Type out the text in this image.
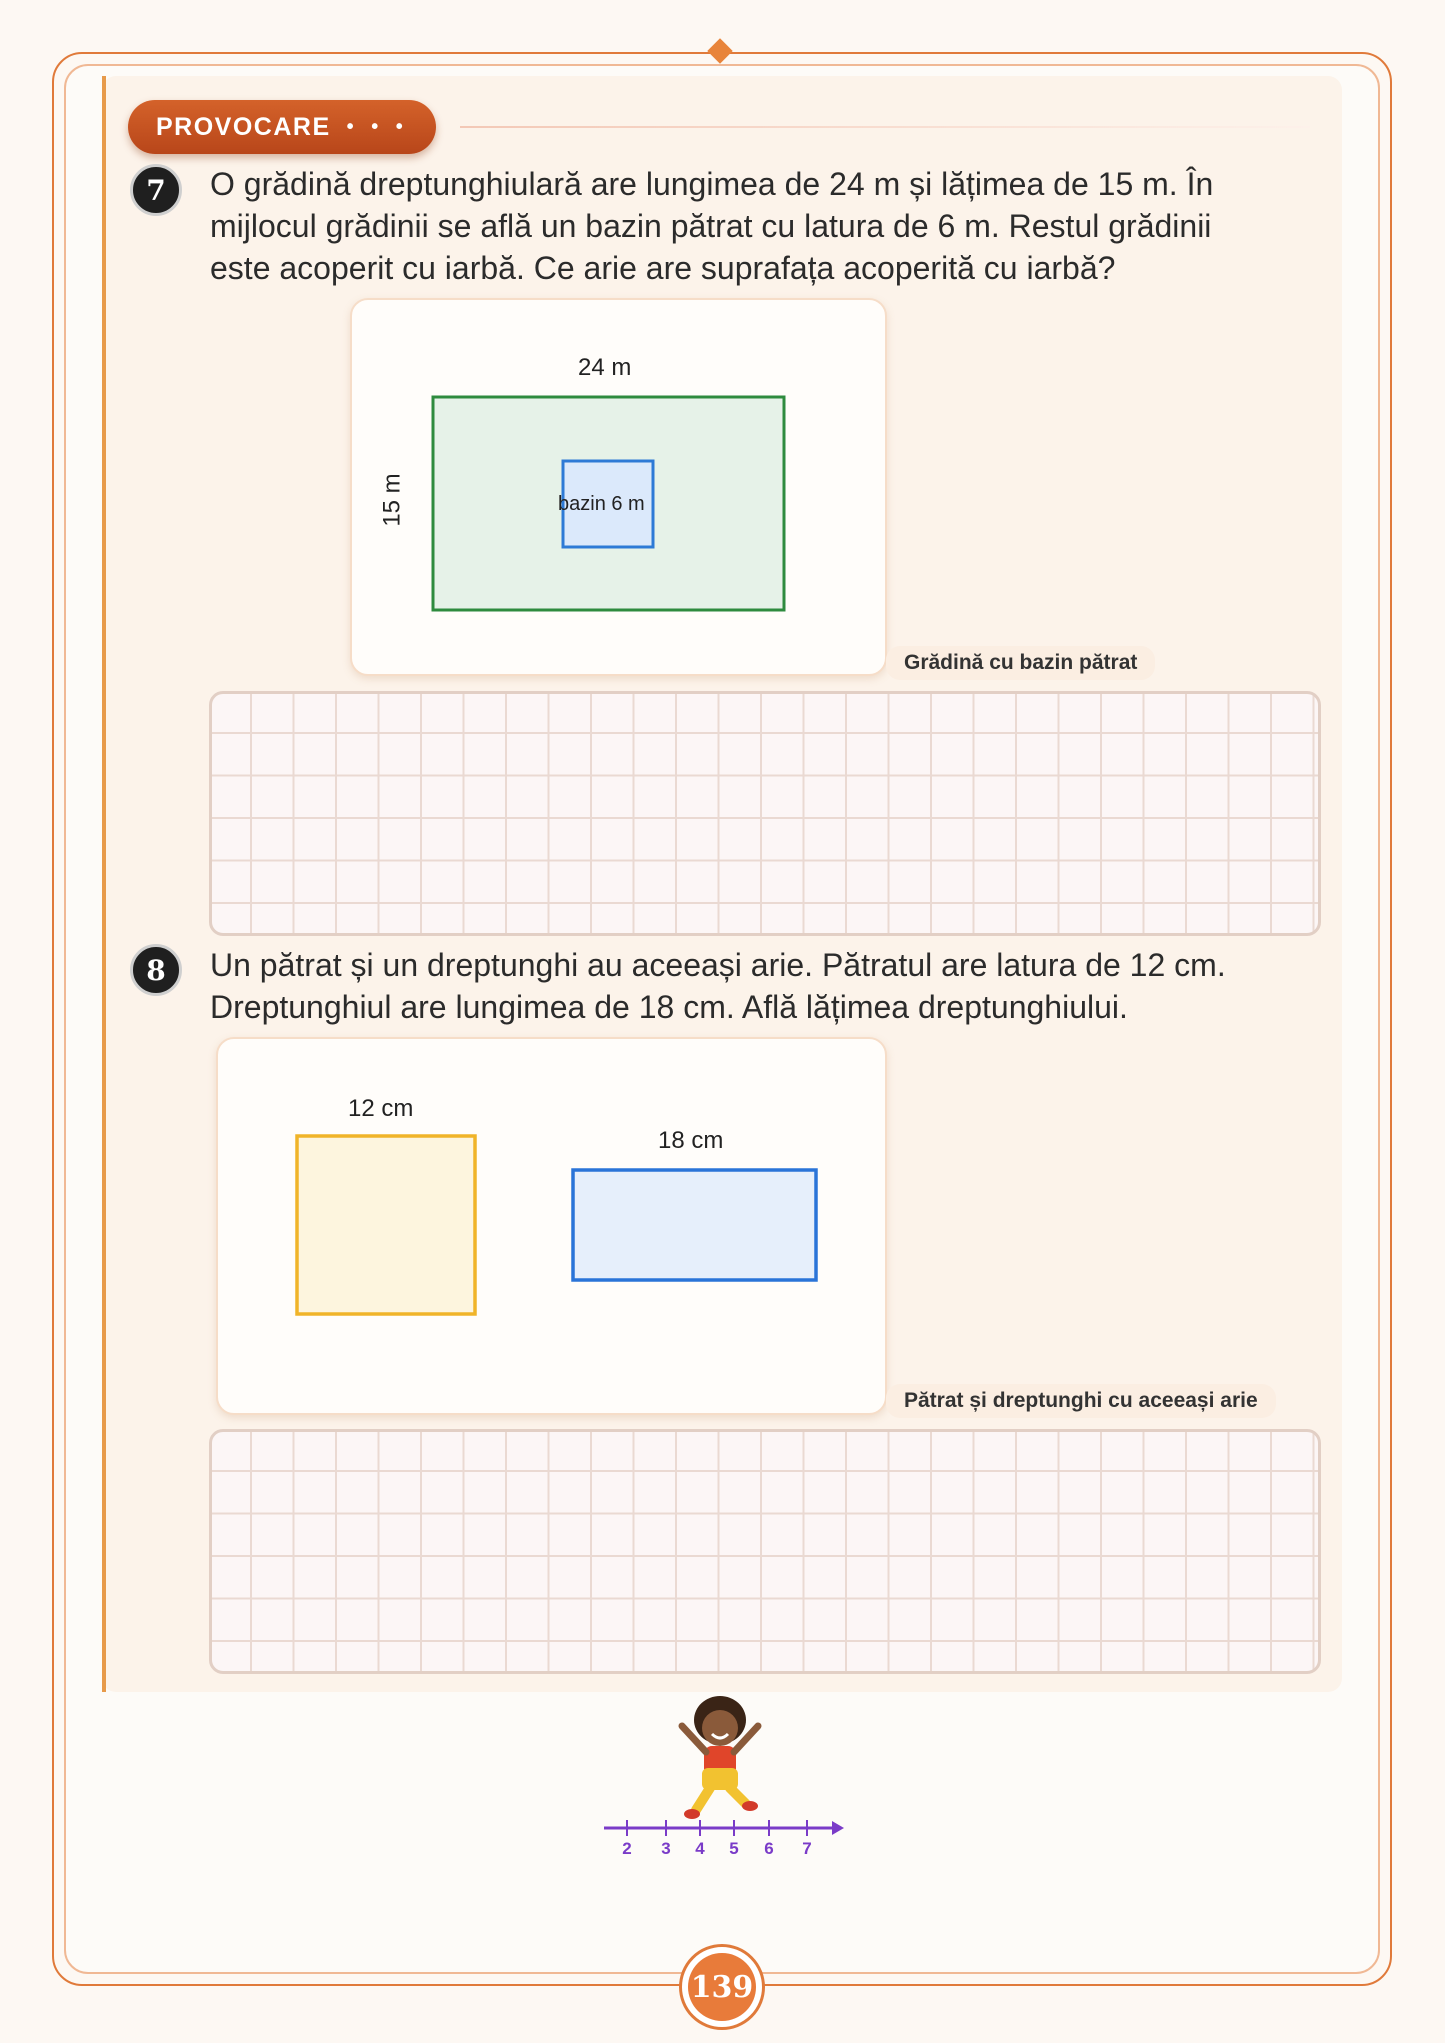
PROVOCARE • • •
7 O grădină dreptunghiulară are lungimea de 24 m și lățimea de 15 m. În
mijlocul grădinii se află un bazin pătrat cu latura de 6 m. Restul grădinii
este acoperit cu iarbă. Ce arie are suprafața acoperită cu iarbă?
24 m
15 m	bazin 6 m
Grădină cu bazin pătrat
8 Un pătrat și un dreptunghi au aceeași arie. Pătratul are latura de 12 cm.
Dreptunghiul are lungimea de 18 cm. Află lățimea dreptunghiului.
12 cm
18 cm
Pătrat și dreptunghi cu aceeași arie
2 3 4 5 6 7
139
